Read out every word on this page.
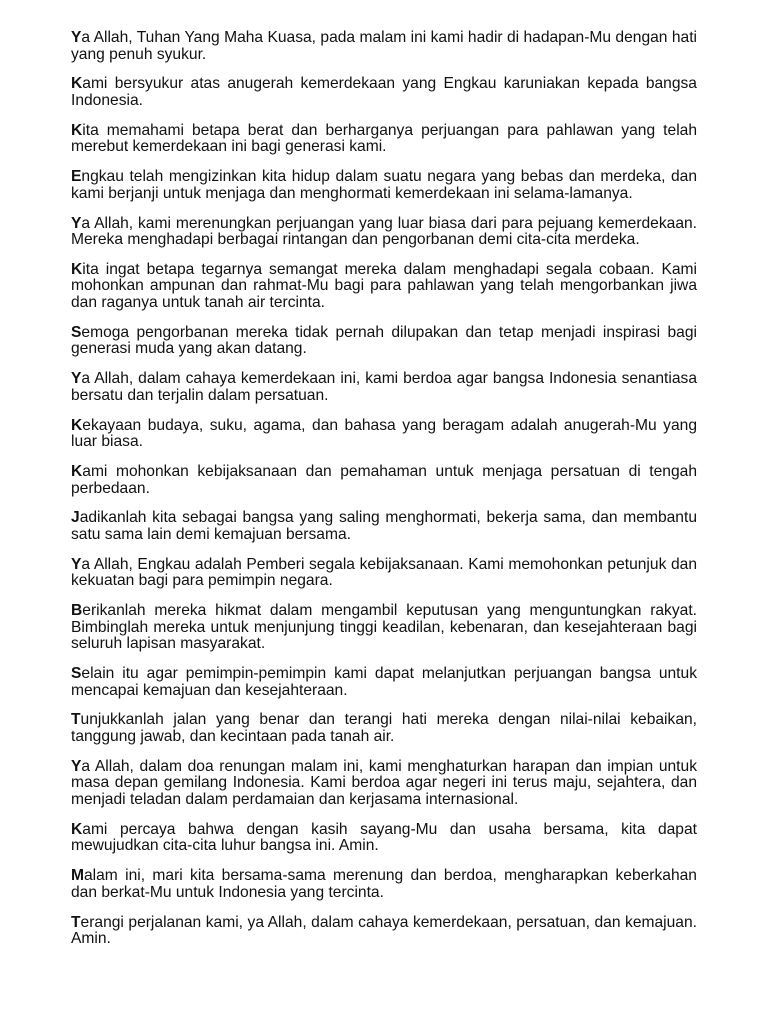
Ya Allah, Tuhan Yang Maha Kuasa, pada malam ini kami hadir di hadapan-Mu dengan hati yang penuh syukur.

Kami bersyukur atas anugerah kemerdekaan yang Engkau karuniakan kepada bangsa Indonesia.

Kita memahami betapa berat dan berharganya perjuangan para pahlawan yang telah merebut kemerdekaan ini bagi generasi kami.

Engkau telah mengizinkan kita hidup dalam suatu negara yang bebas dan merdeka, dan kami berjanji untuk menjaga dan menghormati kemerdekaan ini selama-lamanya.

Ya Allah, kami merenungkan perjuangan yang luar biasa dari para pejuang kemerdekaan. Mereka menghadapi berbagai rintangan dan pengorbanan demi cita-cita merdeka.

Kita ingat betapa tegarnya semangat mereka dalam menghadapi segala cobaan. Kami mohonkan ampunan dan rahmat-Mu bagi para pahlawan yang telah mengorbankan jiwa dan raganya untuk tanah air tercinta.

Semoga pengorbanan mereka tidak pernah dilupakan dan tetap menjadi inspirasi bagi generasi muda yang akan datang.

Ya Allah, dalam cahaya kemerdekaan ini, kami berdoa agar bangsa Indonesia senantiasa bersatu dan terjalin dalam persatuan.

Kekayaan budaya, suku, agama, dan bahasa yang beragam adalah anugerah-Mu yang luar biasa.

Kami mohonkan kebijaksanaan dan pemahaman untuk menjaga persatuan di tengah perbedaan.

Jadikanlah kita sebagai bangsa yang saling menghormati, bekerja sama, dan membantu satu sama lain demi kemajuan bersama.

Ya Allah, Engkau adalah Pemberi segala kebijaksanaan. Kami memohonkan petunjuk dan kekuatan bagi para pemimpin negara.

Berikanlah mereka hikmat dalam mengambil keputusan yang menguntungkan rakyat. Bimbinglah mereka untuk menjunjung tinggi keadilan, kebenaran, dan kesejahteraan bagi seluruh lapisan masyarakat.

Selain itu agar pemimpin-pemimpin kami dapat melanjutkan perjuangan bangsa untuk mencapai kemajuan dan kesejahteraan.

Tunjukkanlah jalan yang benar dan terangi hati mereka dengan nilai-nilai kebaikan, tanggung jawab, dan kecintaan pada tanah air.

Ya Allah, dalam doa renungan malam ini, kami menghaturkan harapan dan impian untuk masa depan gemilang Indonesia. Kami berdoa agar negeri ini terus maju, sejahtera, dan menjadi teladan dalam perdamaian dan kerjasama internasional.

Kami percaya bahwa dengan kasih sayang-Mu dan usaha bersama, kita dapat mewujudkan cita-cita luhur bangsa ini. Amin.

Malam ini, mari kita bersama-sama merenung dan berdoa, mengharapkan keberkahan dan berkat-Mu untuk Indonesia yang tercinta.

Terangi perjalanan kami, ya Allah, dalam cahaya kemerdekaan, persatuan, dan kemajuan. Amin.
